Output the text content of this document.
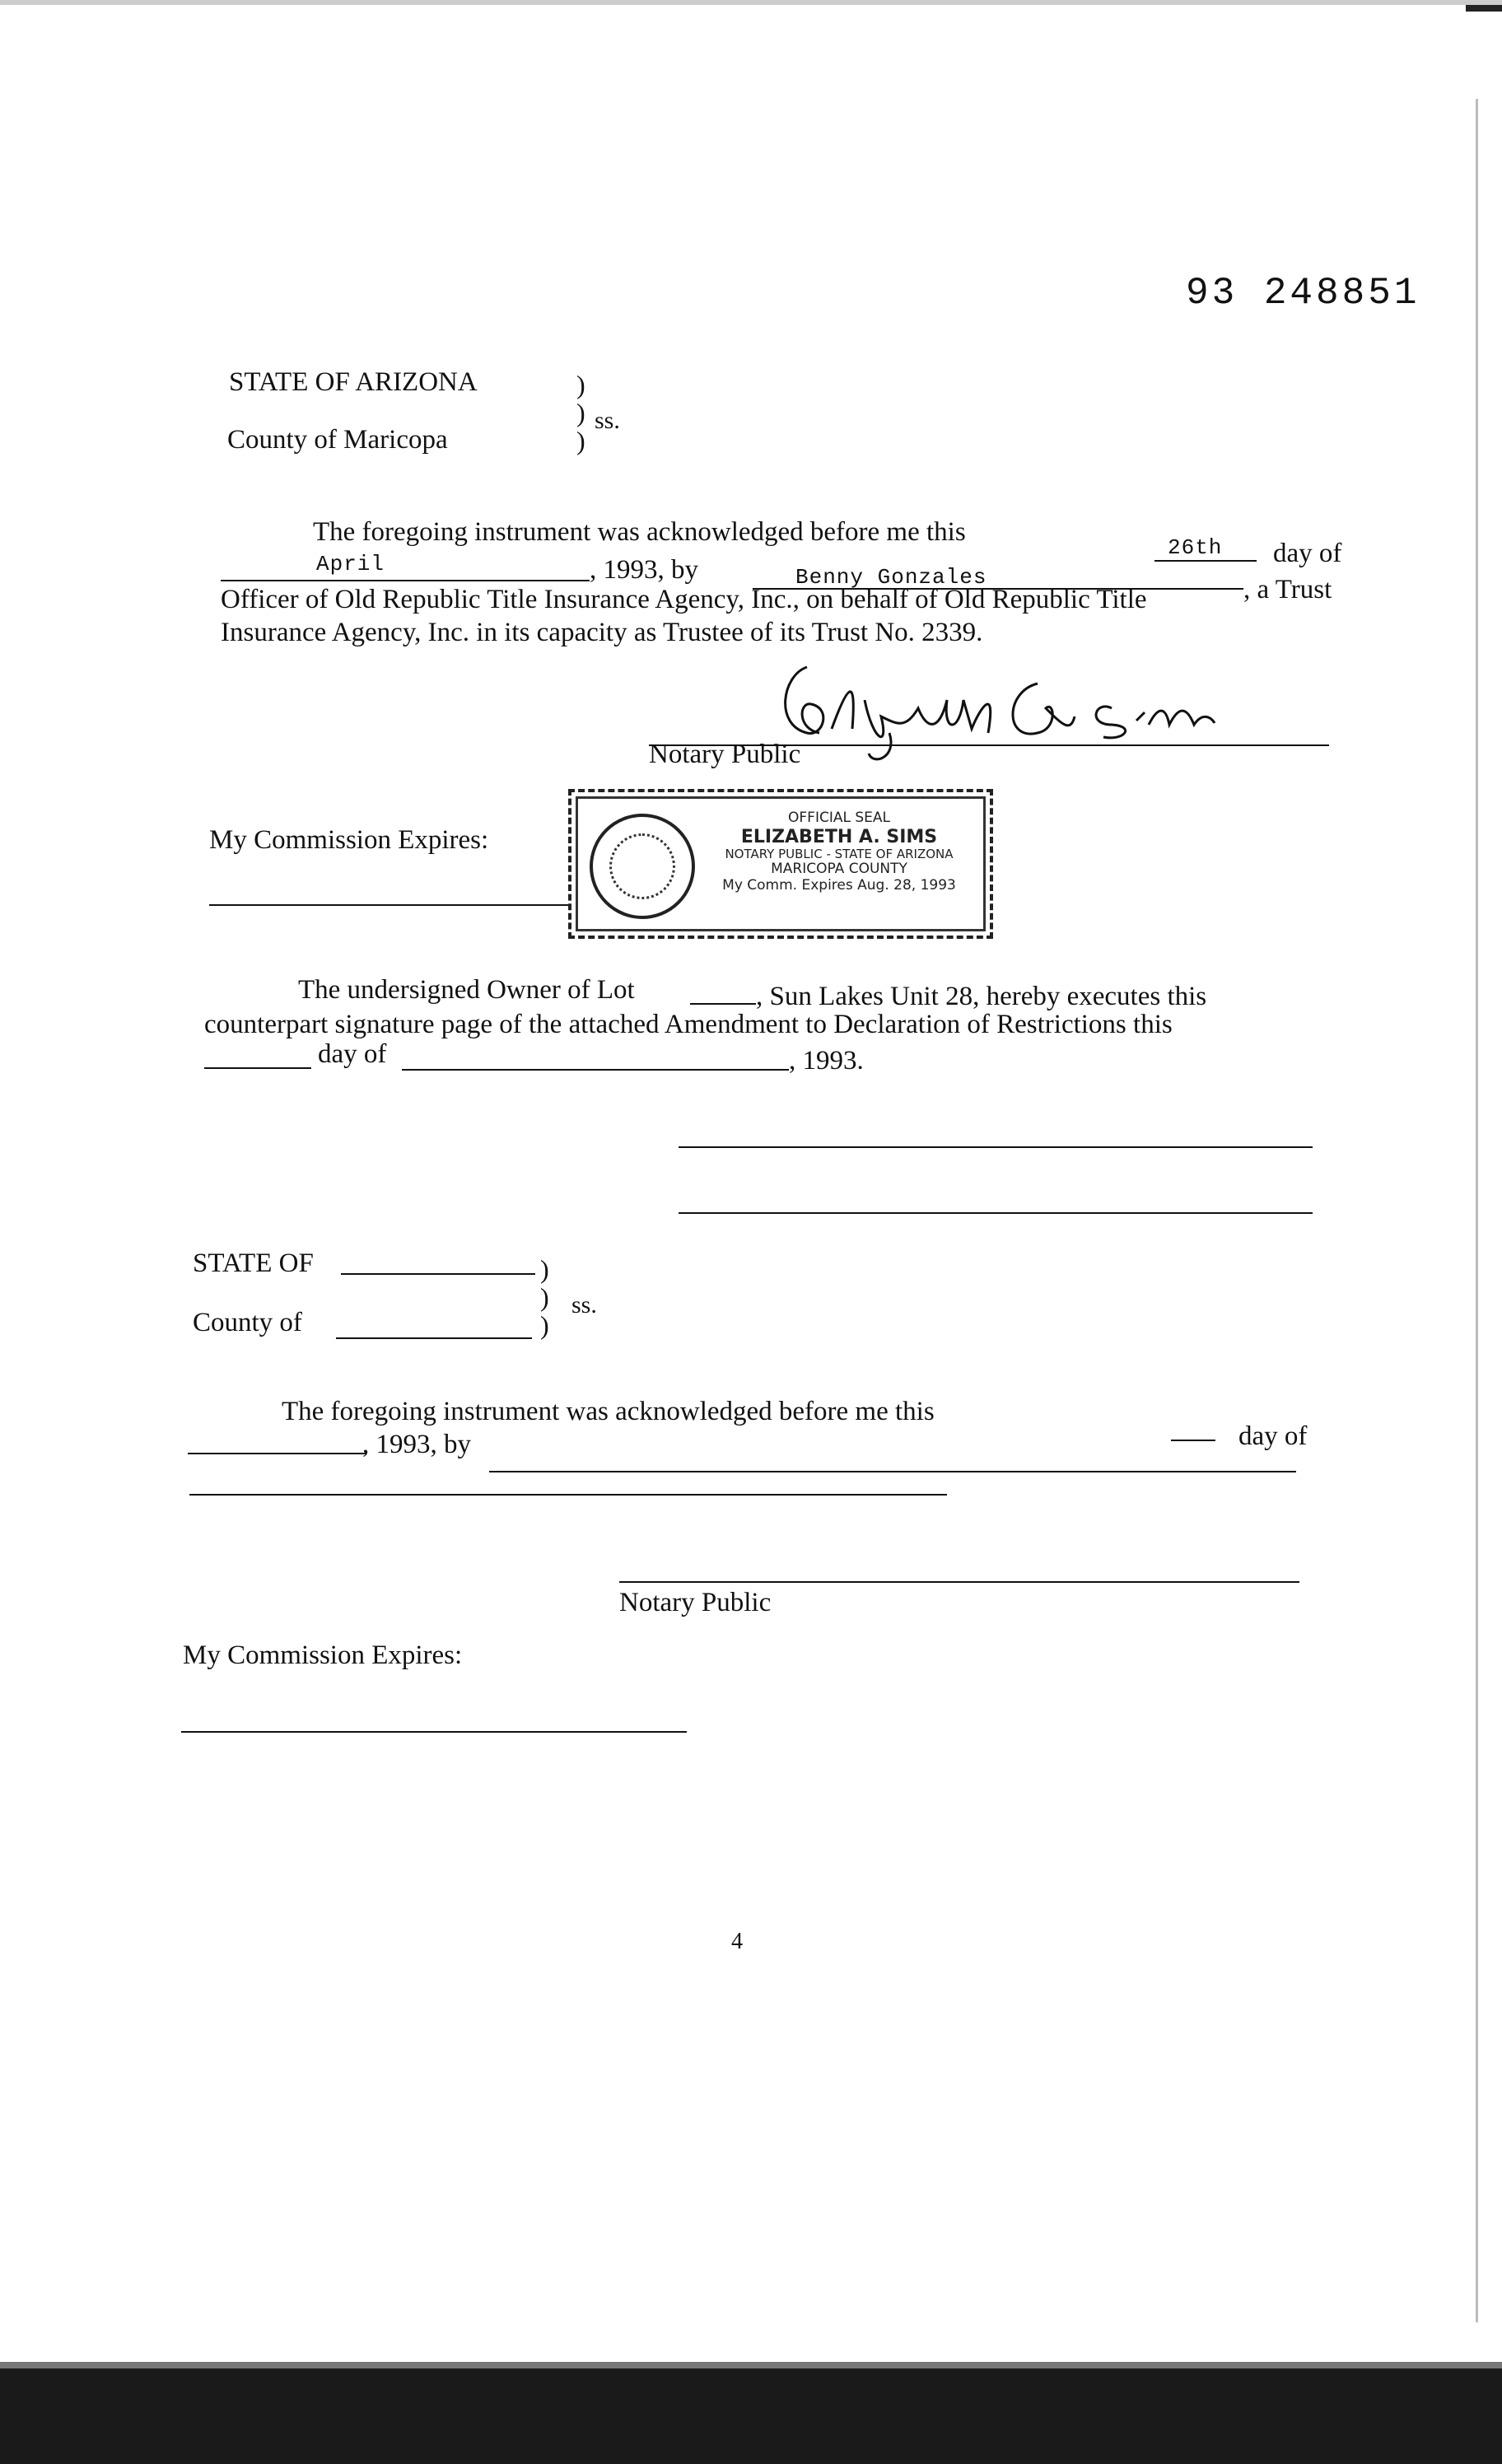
93 248851
STATE OF ARIZONA
County of Maricopa
)
)
)
ss.
The foregoing instrument was acknowledged before me this
26th day of
April	, 1993, by	Benny Gonzales	, a Trust
Officer of Old Republic Title Insurance Agency, Inc., on behalf of Old Republic Title
Insurance Agency, Inc. in its capacity as Trustee of its Trust No. 2339.
Notary Public
My Commission Expires:
OFFICIAL SEAL
ELIZABETH A. SIMS
NOTARY PUBLIC - STATE OF ARIZONA
MARICOPA COUNTY
My Comm. Expires Aug. 28, 1993
The undersigned Owner of Lot	, Sun Lakes Unit 28, hereby executes this
counterpart signature page of the attached Amendment to Declaration of Restrictions this
day of	, 1993.
STATE OF
County of
)
)
)
ss.
The foregoing instrument was acknowledged before me this
day of
, 1993, by
Notary Public
My Commission Expires:
4
